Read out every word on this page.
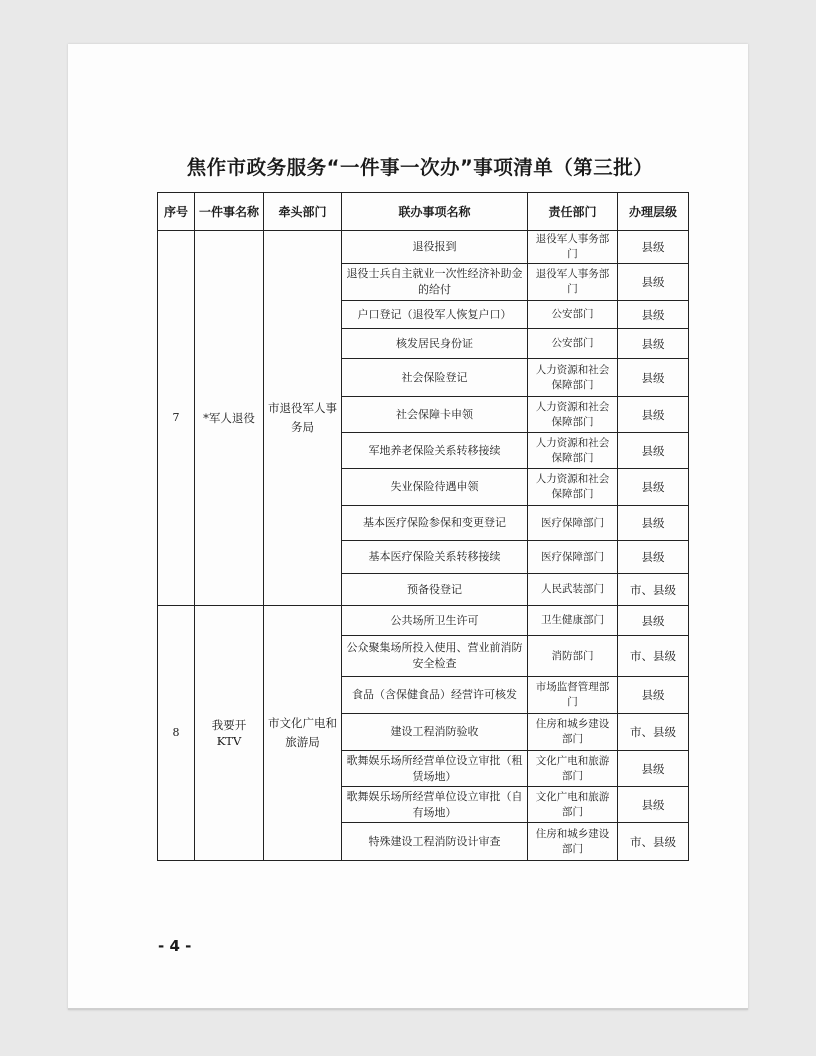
焦作市政务服务“一件事一次办”事项清单（第三批）
序号	一件事名称	牵头部门	联办事项名称	责任部门	办理层级
7	*军人退役	市退役军人事务局	退役报到	退役军人事务部门	县级
			退役士兵自主就业一次性经济补助金的给付	退役军人事务部门	县级
			户口登记（退役军人恢复户口）	公安部门	县级
			核发居民身份证	公安部门	县级
			社会保险登记	人力资源和社会保障部门	县级
			社会保障卡申领	人力资源和社会保障部门	县级
			军地养老保险关系转移接续	人力资源和社会保障部门	县级
			失业保险待遇申领	人力资源和社会保障部门	县级
			基本医疗保险参保和变更登记	医疗保障部门	县级
			基本医疗保险关系转移接续	医疗保障部门	县级
			预备役登记	人民武装部门	市、县级
8	我要开 KTV	市文化广电和旅游局	公共场所卫生许可	卫生健康部门	县级
			公众聚集场所投入使用、营业前消防安全检查	消防部门	市、县级
			食品（含保健食品）经营许可核发	市场监督管理部门	县级
			建设工程消防验收	住房和城乡建设部门	市、县级
			歌舞娱乐场所经营单位设立审批（租赁场地）	文化广电和旅游部门	县级
			歌舞娱乐场所经营单位设立审批（自有场地）	文化广电和旅游部门	县级
			特殊建设工程消防设计审查	住房和城乡建设部门	市、县级
- 4 -
